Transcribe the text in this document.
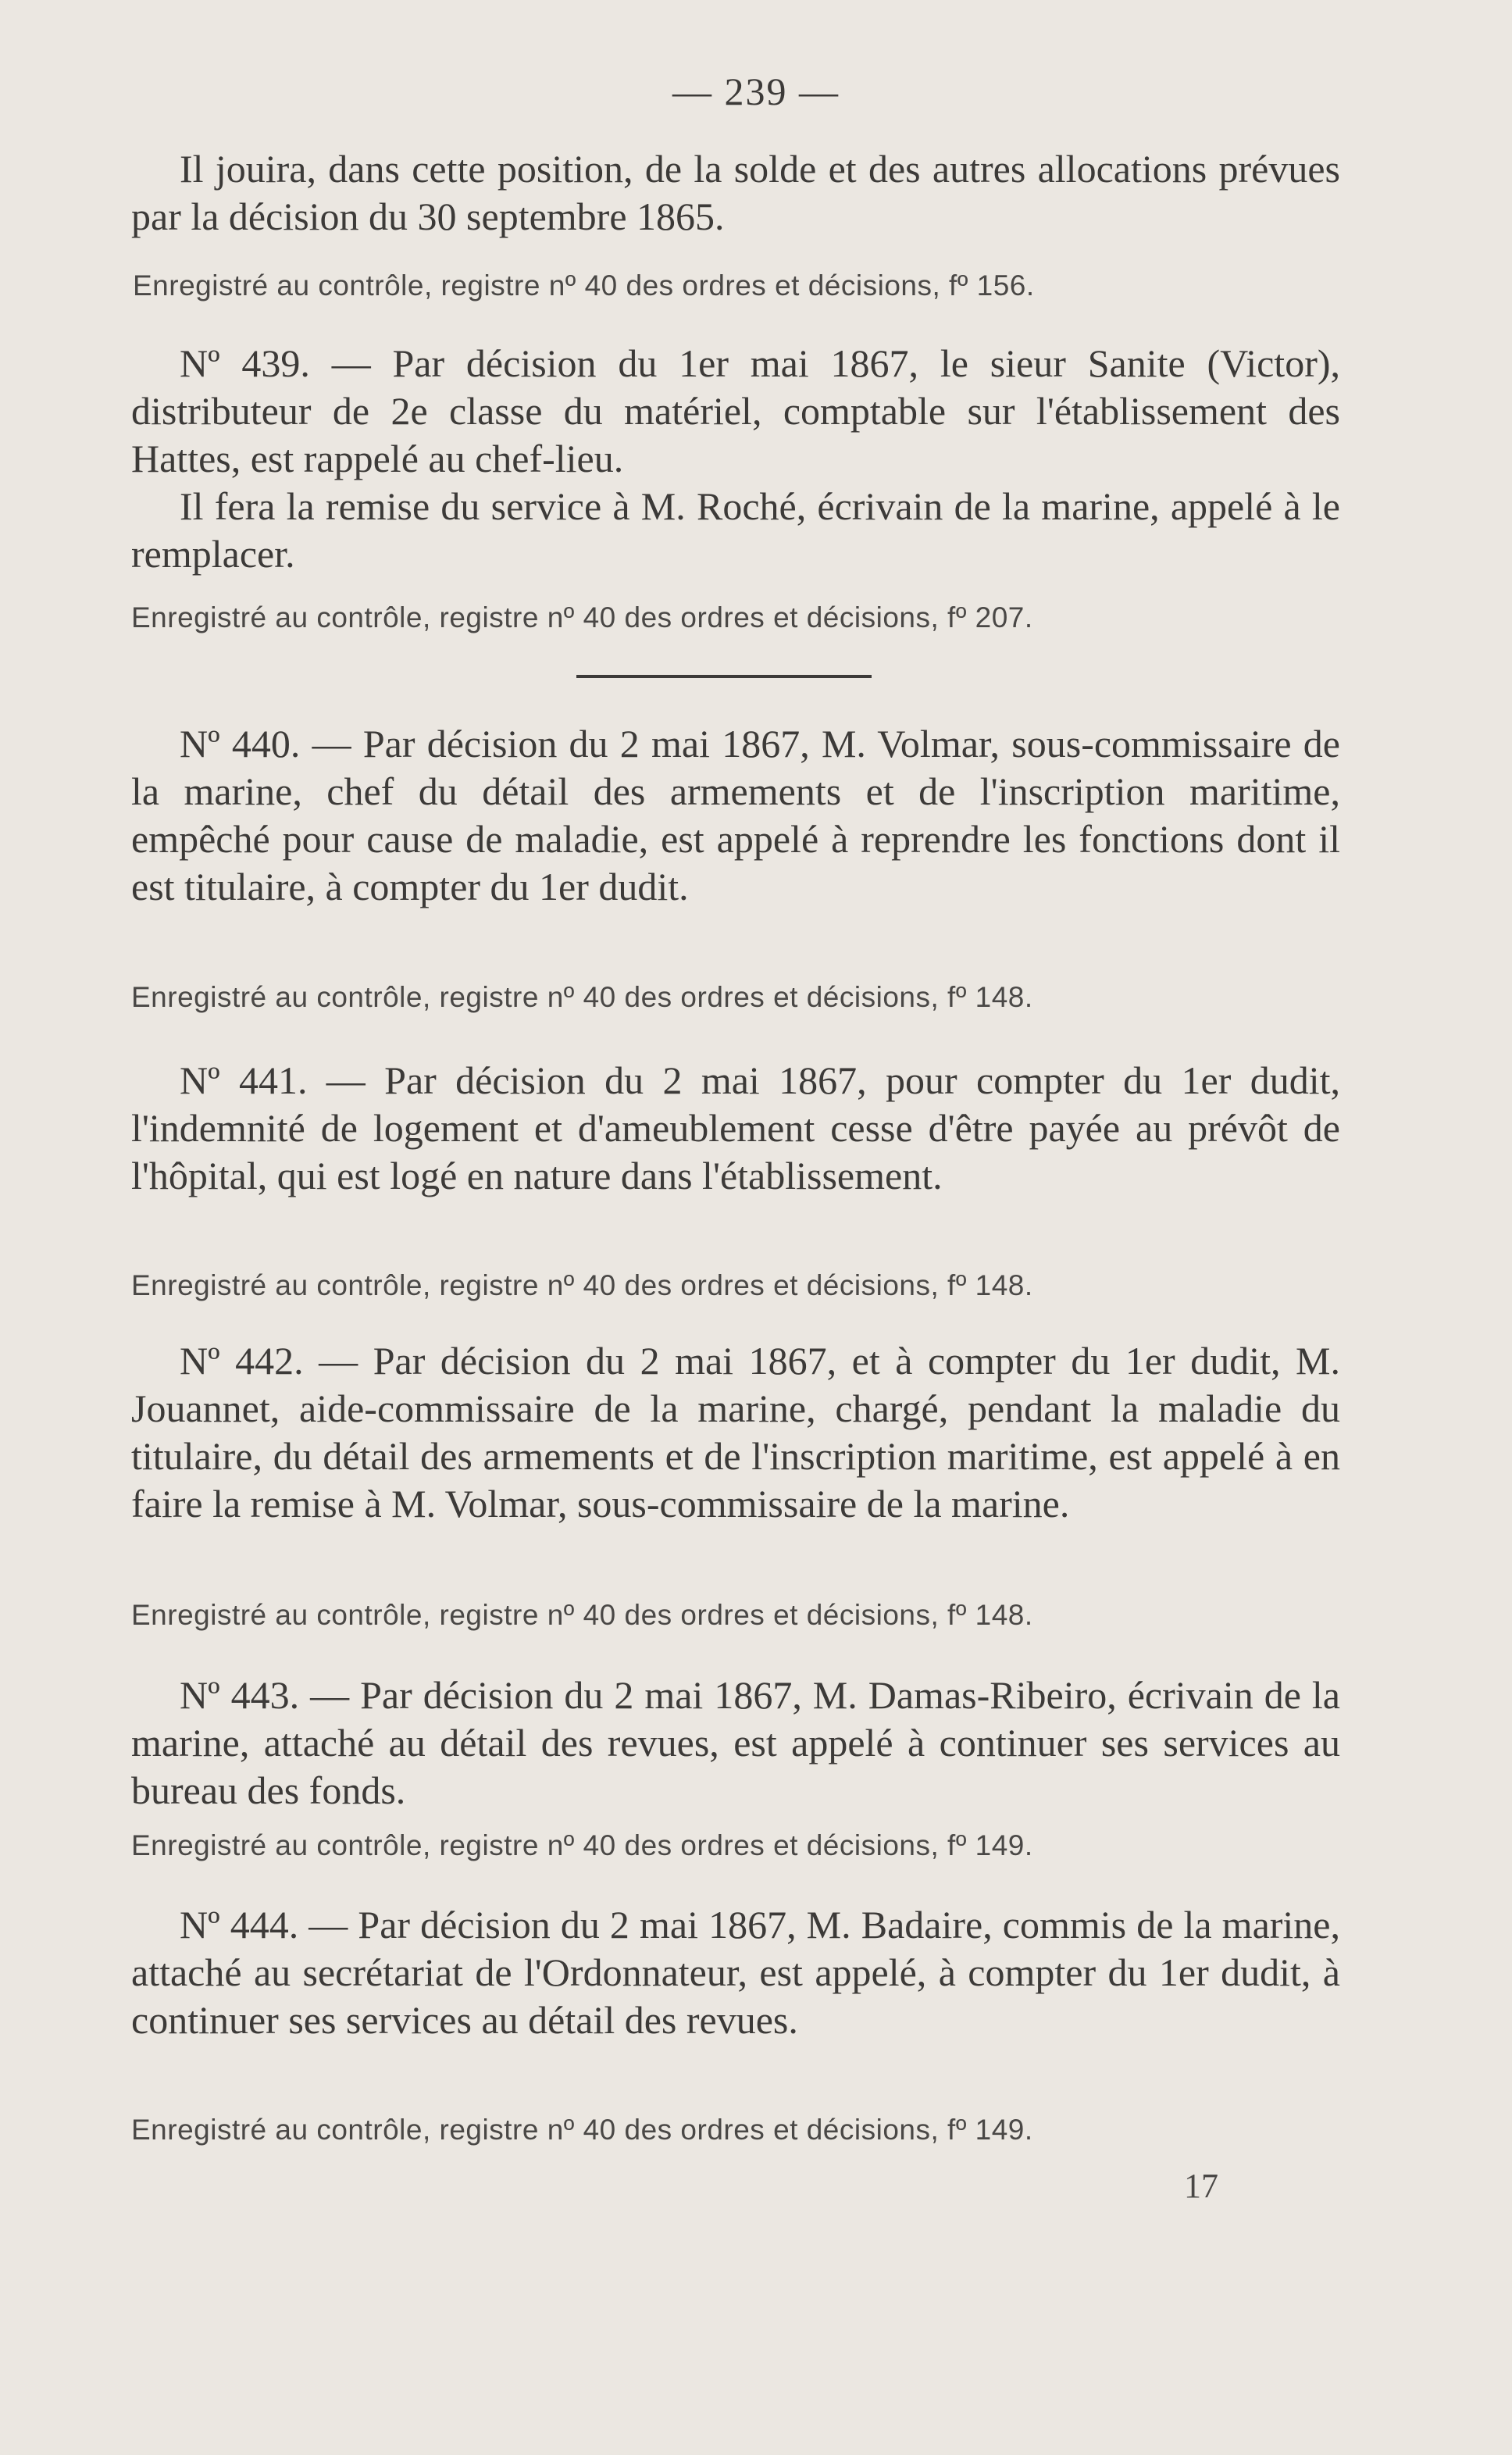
— 239 —

Il jouira, dans cette position, de la solde et des autres allocations prévues par la décision du 30 septembre 1865.

Enregistré au contrôle, registre nº 40 des ordres et décisions, fº 156.

Nº 439. — Par décision du 1er mai 1867, le sieur Sanite (Victor), distributeur de 2e classe du matériel, comptable sur l'établissement des Hattes, est rappelé au chef-lieu.

Il fera la remise du service à M. Roché, écrivain de la marine, appelé à le remplacer.

Enregistré au contrôle, registre nº 40 des ordres et décisions, fº 207.

Nº 440. — Par décision du 2 mai 1867, M. Volmar, sous-commissaire de la marine, chef du détail des armements et de l'inscription maritime, empêché pour cause de maladie, est appelé à reprendre les fonctions dont il est titulaire, à compter du 1er dudit.

Enregistré au contrôle, registre nº 40 des ordres et décisions, fº 148.

Nº 441. — Par décision du 2 mai 1867, pour compter du 1er dudit, l'indemnité de logement et d'ameublement cesse d'être payée au prévôt de l'hôpital, qui est logé en nature dans l'établissement.

Enregistré au contrôle, registre nº 40 des ordres et décisions, fº 148.

Nº 442. — Par décision du 2 mai 1867, et à compter du 1er dudit, M. Jouannet, aide-commissaire de la marine, chargé, pendant la maladie du titulaire, du détail des armements et de l'inscription maritime, est appelé à en faire la remise à M. Volmar, sous-commissaire de la marine.

Enregistré au contrôle, registre nº 40 des ordres et décisions, fº 148.

Nº 443. — Par décision du 2 mai 1867, M. Damas-Ribeiro, écrivain de la marine, attaché au détail des revues, est appelé à continuer ses services au bureau des fonds.

Enregistré au contrôle, registre nº 40 des ordres et décisions, fº 149.

Nº 444. — Par décision du 2 mai 1867, M. Badaire, commis de la marine, attaché au secrétariat de l'Ordonnateur, est appelé, à compter du 1er dudit, à continuer ses services au détail des revues.

Enregistré au contrôle, registre nº 40 des ordres et décisions, fº 149.
17
